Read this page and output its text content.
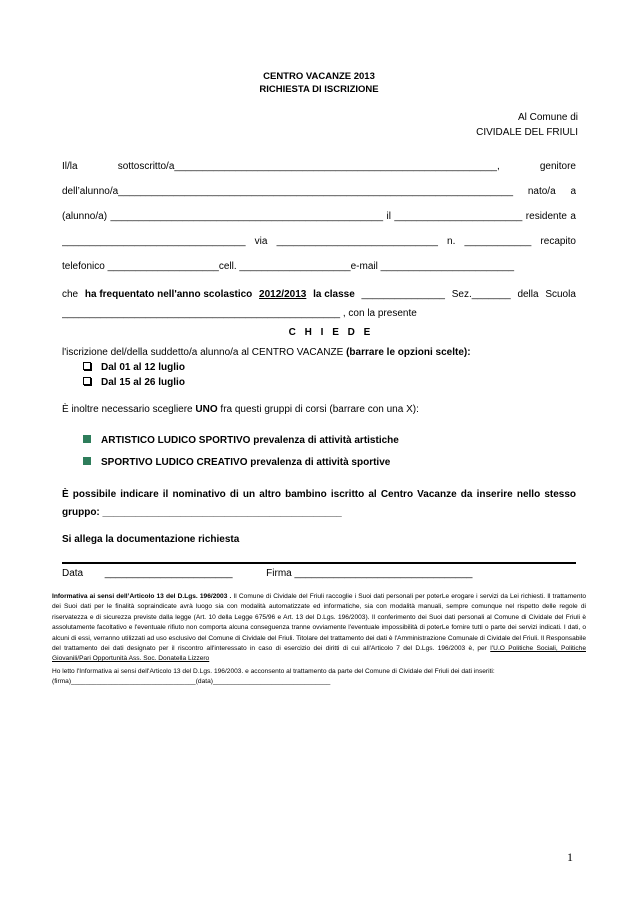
CENTRO VACANZE 2013
RICHIESTA DI ISCRIZIONE
Al Comune di
CIVIDALE DEL FRIULI
Il/la	sottoscritto/a__________________________________________________________,	genitore
dell’alunno/a_______________________________________________________________________ nato/a a
(alunno/a) _________________________________________________ il _______________________ residente a
_________________________________ via _____________________________ n. ____________ recapito
telefonico ____________________cell. ____________________e-mail ________________________
che ha frequentato nell'anno scolastico 2012/2013 la classe _______________ Sez._______ della Scuola
__________________________________________________ , con la presente
C H I E D E
l'iscrizione del/della suddetto/a alunno/a al CENTRO VACANZE (barrare le opzioni scelte):
Dal 01 al 12 luglio
Dal 15 al 26 luglio
È inoltre necessario scegliere UNO fra questi gruppi di corsi (barrare con una X):
ARTISTICO LUDICO SPORTIVO prevalenza di attività artistiche
SPORTIVO LUDICO CREATIVO prevalenza di attività sportive
È possibile indicare il nominativo di un altro bambino iscritto al Centro Vacanze da inserire nello stesso
gruppo: ___________________________________________
Si allega la documentazione richiesta
Data _______________________	Firma ________________________________
Informativa ai sensi dell’Articolo 13 del D.Lgs. 196/2003 . Il Comune di Cividale del Friuli raccoglie i Suoi dati personali per poterLe erogare i servizi da Lei richiesti. Il trattamento dei Suoi dati per le finalità sopraindicate avrà luogo sia con modalità automatizzate ed informatiche, sia con modalità manuali, sempre comunque nel rispetto delle regole di riservatezza e di sicurezza previste dalla legge (Art. 10 della Legge 675/96 e Art. 13 del D.Lgs. 196/2003). Il conferimento dei Suoi dati personali al Comune di Cividale del Friuli è assolutamente facoltativo e l'eventuale rifiuto non comporta alcuna conseguenza tranne ovviamente l'eventuale impossibilità di poterLe fornire tutti o parte dei servizi indicati. I dati, o alcuni di essi, verranno utilizzati ad uso esclusivo del Comune di Cividale del Friuli. Titolare del trattamento dei dati è l'Amministrazione Comunale di Cividale del Friuli. Il Responsabile del trattamento dei dati designato per il riscontro all'interessato in caso di esercizio dei diritti di cui all'Articolo 7 del D.Lgs. 196/2003 è, per l’U.O Politiche Sociali, Politiche Giovanili/Pari Opportunità Ass. Soc. Donatella Lizzero
Ho letto l'Informativa ai sensi dell'Articolo 13 del D.Lgs. 196/2003. e acconsento al trattamento da parte del Comune di Cividale del Friuli dei dati inseriti:
(firma)__________________________________(data)________________________________
1
